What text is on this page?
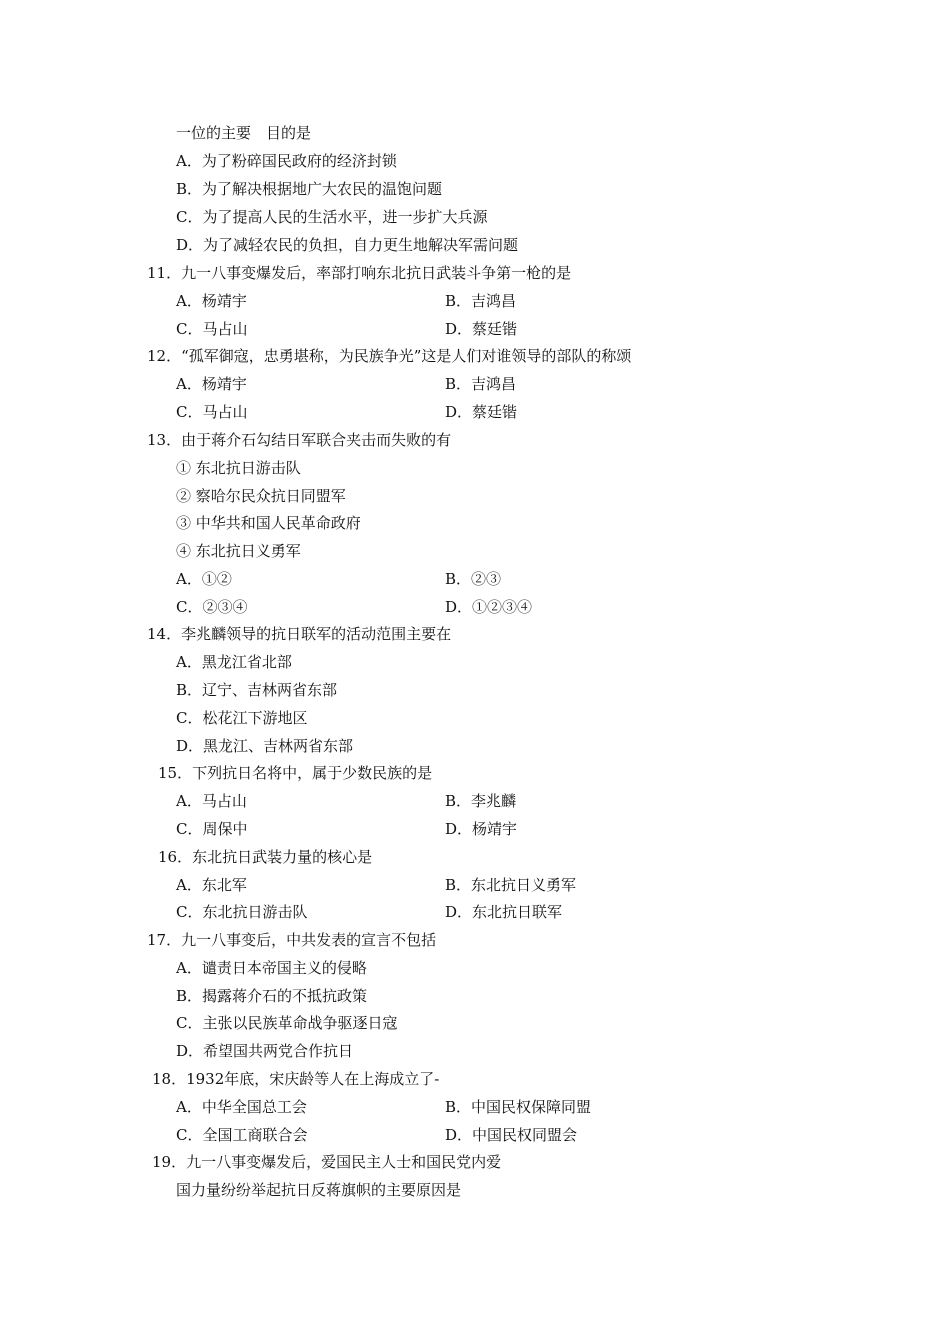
一位的主要　目的是
A．为了粉碎国民政府的经济封锁
B．为了解决根据地广大农民的温饱问题
C．为了提高人民的生活水平，进一步扩大兵源
D．为了减轻农民的负担，自力更生地解决军需问题
11．九一八事变爆发后，率部打响东北抗日武装斗争第一枪的是
A．杨靖宇	B．吉鸿昌
C．马占山	D．蔡廷锴
12．“孤军御寇，忠勇堪称，为民族争光”这是人们对谁领导的部队的称颂
A．杨靖宇	B．吉鸿昌
C．马占山	D．蔡廷锴
13．由于蒋介石勾结日军联合夹击而失败的有
① 东北抗日游击队
② 察哈尔民众抗日同盟军
③ 中华共和国人民革命政府
④ 东北抗日义勇军
A．①②	B．②③
C．②③④	D．①②③④
14．李兆麟领导的抗日联军的活动范围主要在
A．黑龙江省北部
B．辽宁、吉林两省东部
C．松花江下游地区
D．黑龙江、吉林两省东部
15．下列抗日名将中，属于少数民族的是
A．马占山	B．李兆麟
C．周保中	D．杨靖宇
16．东北抗日武装力量的核心是
A．东北军	B．东北抗日义勇军
C．东北抗日游击队	D．东北抗日联军
17．九一八事变后，中共发表的宣言不包括
A．谴责日本帝国主义的侵略
B．揭露蒋介石的不抵抗政策
C．主张以民族革命战争驱逐日寇
D．希望国共两党合作抗日
18．1932年底，宋庆龄等人在上海成立了-
A．中华全国总工会	B．中国民权保障同盟
C．全国工商联合会	D．中国民权同盟会
19．九一八事变爆发后，爱国民主人士和国民党内爱
国力量纷纷举起抗日反蒋旗帜的主要原因是
